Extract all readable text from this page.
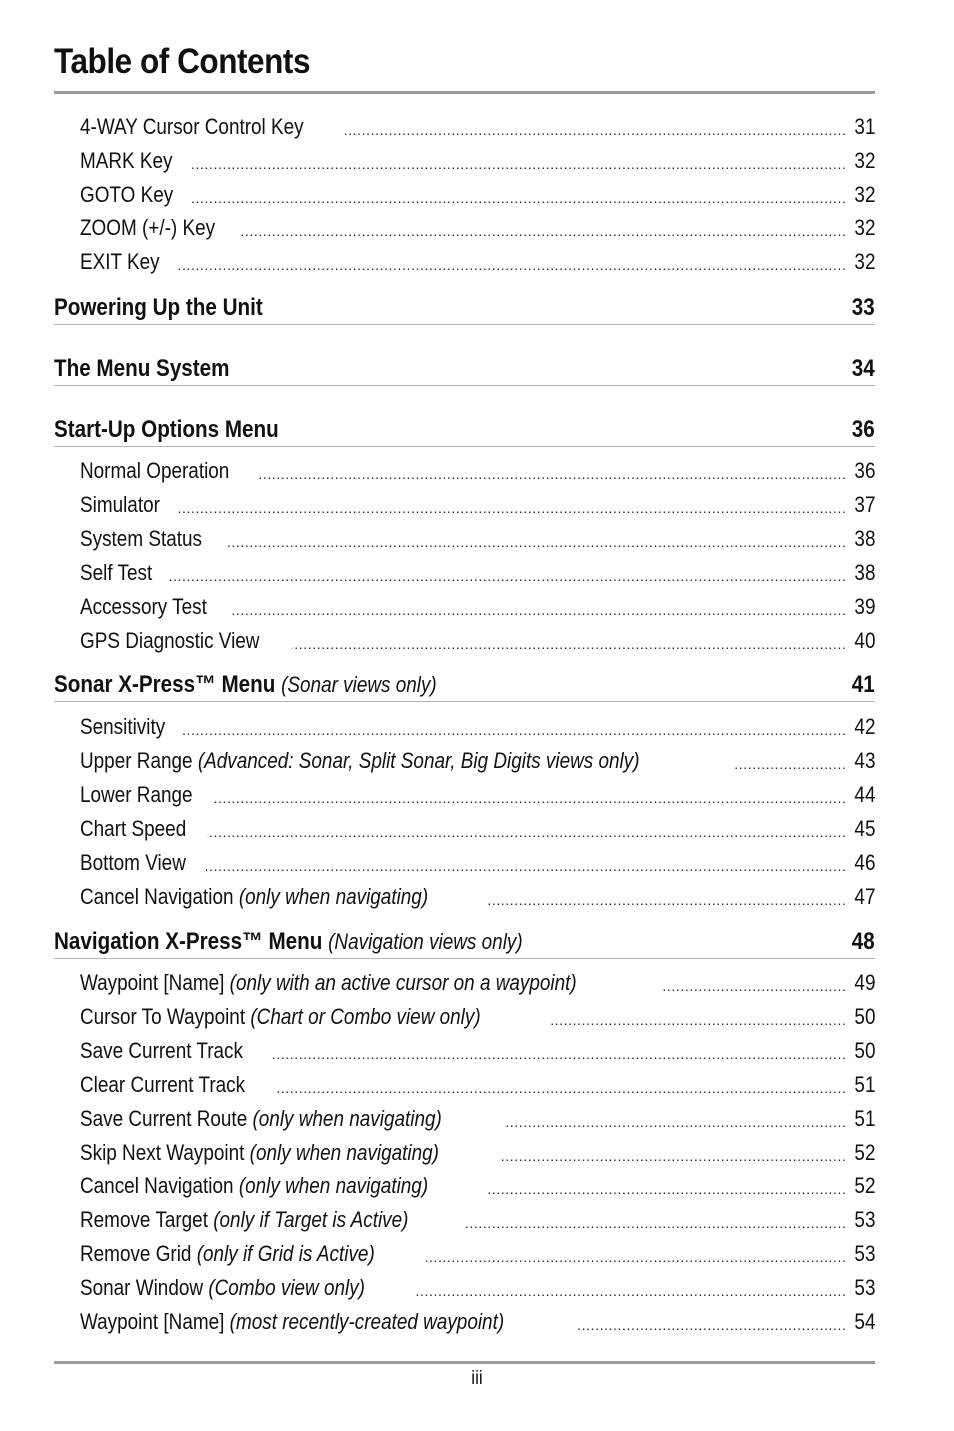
Table of Contents
4-WAY Cursor Control Key .....	31
MARK Key .....	32
GOTO Key .....	32
ZOOM (+/-) Key .....	32
EXIT Key .....	32
Powering Up the Unit	33
The Menu System	34
Start-Up Options Menu	36
Normal Operation .....	36
Simulator .....	37
System Status .....	38
Self Test .....	38
Accessory Test .....	39
GPS Diagnostic View .....	40
Sonar X-Press™ Menu (Sonar views only)	41
Sensitivity .....	42
Upper Range (Advanced: Sonar, Split Sonar, Big Digits views only) .....	43
Lower Range .....	44
Chart Speed .....	45
Bottom View .....	46
Cancel Navigation (only when navigating) .....	47
Navigation X-Press™ Menu (Navigation views only)	48
Waypoint [Name] (only with an active cursor on a waypoint) .....	49
Cursor To Waypoint (Chart or Combo view only) .....	50
Save Current Track .....	50
Clear Current Track .....	51
Save Current Route (only when navigating) .....	51
Skip Next Waypoint (only when navigating) .....	52
Cancel Navigation (only when navigating) .....	52
Remove Target (only if Target is Active) .....	53
Remove Grid (only if Grid is Active) .....	53
Sonar Window (Combo view only) .....	53
Waypoint [Name] (most recently-created waypoint) .....	54
iii
